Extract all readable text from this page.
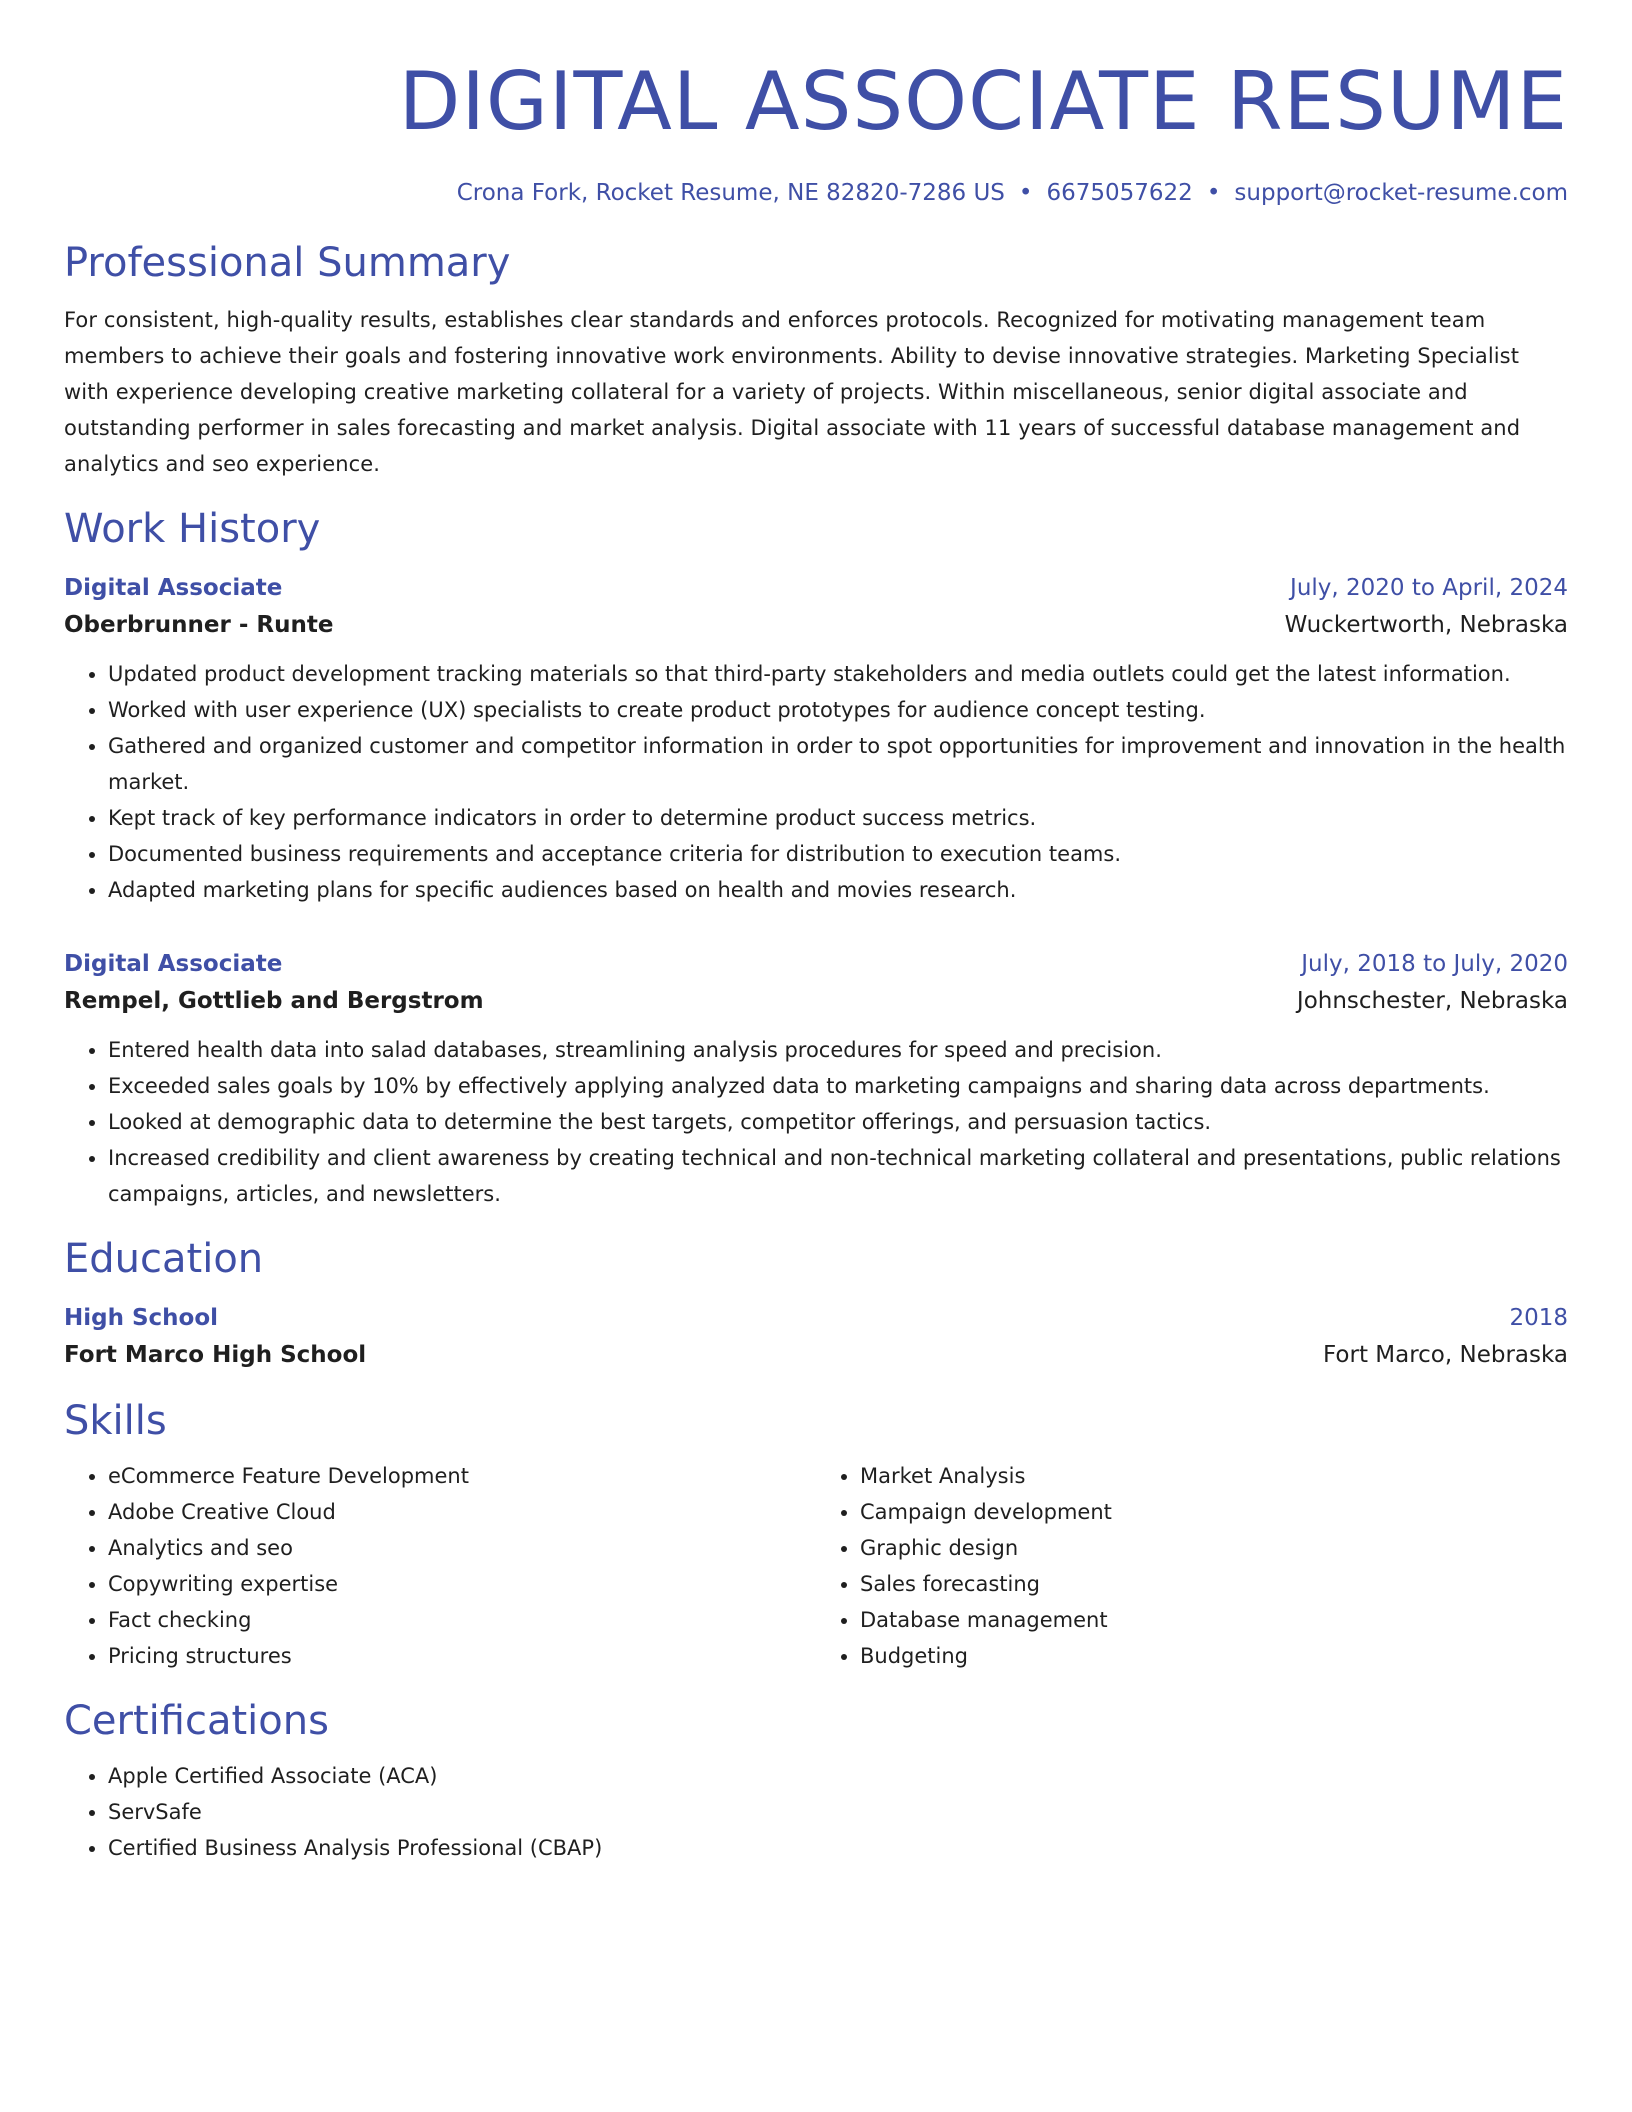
DIGITAL ASSOCIATE RESUME
Crona Fork, Rocket Resume, NE 82820-7286 US • 6675057622 • support@rocket-resume.com
Professional Summary
For consistent, high-quality results, establishes clear standards and enforces protocols. Recognized for motivating management team members to achieve their goals and fostering innovative work environments. Ability to devise innovative strategies. Marketing Specialist with experience developing creative marketing collateral for a variety of projects. Within miscellaneous, senior digital associate and outstanding performer in sales forecasting and market analysis. Digital associate with 11 years of successful database management and analytics and seo experience.
Work History
Digital Associate	July, 2020 to April, 2024
Oberbrunner - Runte	Wuckertworth, Nebraska
• Updated product development tracking materials so that third-party stakeholders and media outlets could get the latest information.
• Worked with user experience (UX) specialists to create product prototypes for audience concept testing.
• Gathered and organized customer and competitor information in order to spot opportunities for improvement and innovation in the health market.
• Kept track of key performance indicators in order to determine product success metrics.
• Documented business requirements and acceptance criteria for distribution to execution teams.
• Adapted marketing plans for specific audiences based on health and movies research.
Digital Associate	July, 2018 to July, 2020
Rempel, Gottlieb and Bergstrom	Johnschester, Nebraska
• Entered health data into salad databases, streamlining analysis procedures for speed and precision.
• Exceeded sales goals by 10% by effectively applying analyzed data to marketing campaigns and sharing data across departments.
• Looked at demographic data to determine the best targets, competitor offerings, and persuasion tactics.
• Increased credibility and client awareness by creating technical and non-technical marketing collateral and presentations, public relations campaigns, articles, and newsletters.
Education
High School	2018
Fort Marco High School	Fort Marco, Nebraska
Skills
• eCommerce Feature Development
• Adobe Creative Cloud
• Analytics and seo
• Copywriting expertise
• Fact checking
• Pricing structures
• Market Analysis
• Campaign development
• Graphic design
• Sales forecasting
• Database management
• Budgeting
Certifications
• Apple Certified Associate (ACA)
• ServSafe
• Certified Business Analysis Professional (CBAP)
